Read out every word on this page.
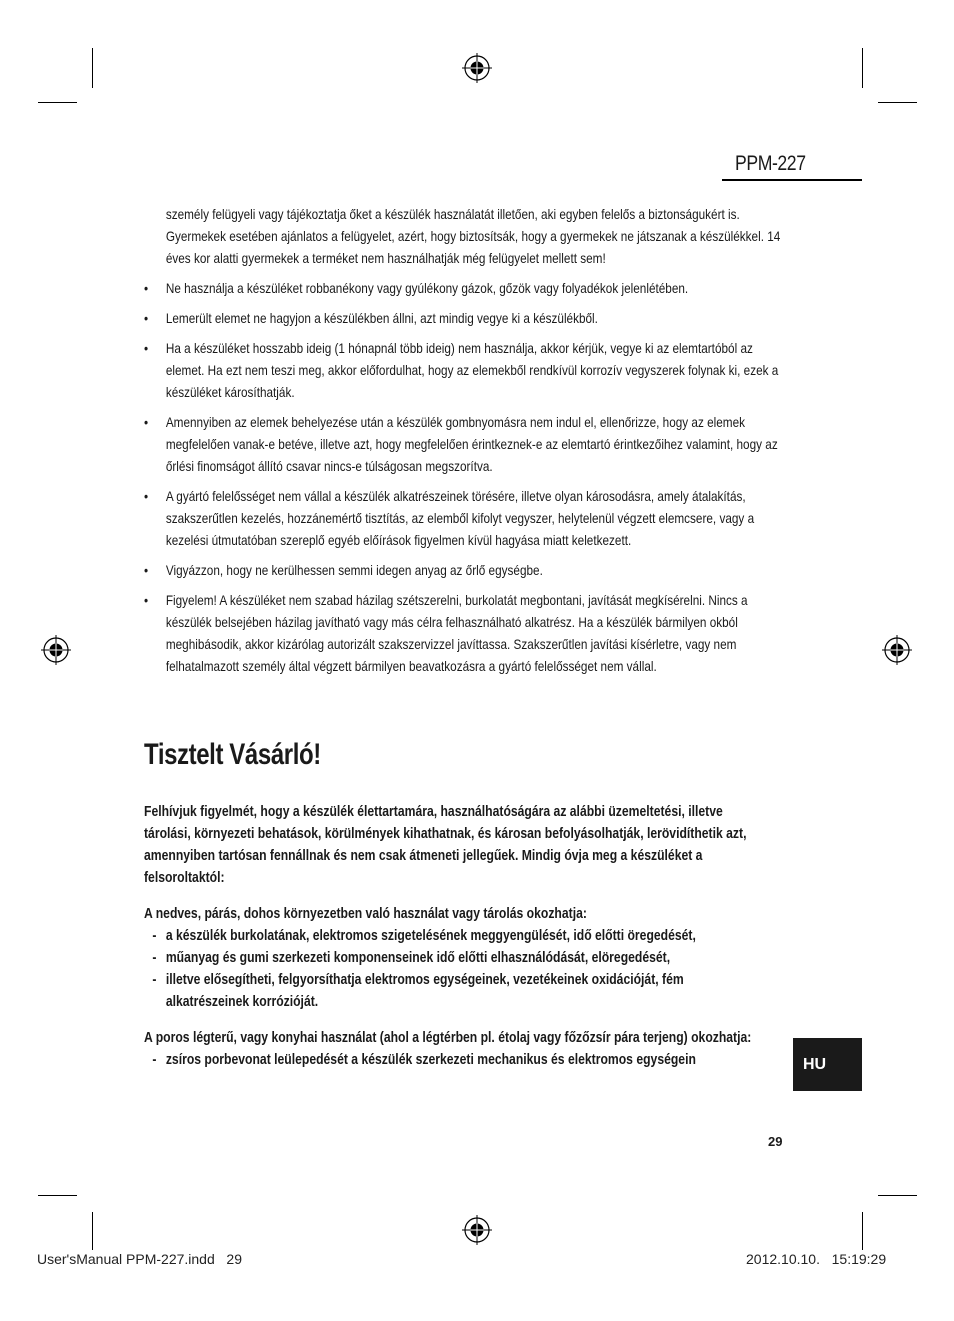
PPM-227
személy felügyeli vagy tájékoztatja őket a készülék használatát illetően, aki egyben felelős a biztonságukért is. Gyermekek esetében ajánlatos a felügyelet, azért, hogy biztosítsák, hogy a gyermekek ne játszanak a készülékkel. 14 éves kor alatti gyermekek a terméket nem használhatják még felügyelet mellett sem!
•	Ne használja a készüléket robbanékony vagy gyúlékony gázok, gőzök vagy folyadékok jelenlétében.
•	Lemerült elemet ne hagyjon a készülékben állni, azt mindig vegye ki a készülékből.
•	Ha a készüléket hosszabb ideig (1 hónapnál több ideig) nem használja, akkor kérjük, vegye ki az elemtartóból az elemet. Ha ezt nem teszi meg, akkor előfordulhat, hogy az elemekből rendkívül korrozív vegyszerek folynak ki, ezek a készüléket károsíthatják.
•	Amennyiben az elemek behelyezése után a készülék gombnyomásra nem indul el, ellenőrizze, hogy az elemek megfelelően vanak-e betéve, illetve azt, hogy megfelelően érintkeznek-e az elemtartó érintkezőihez valamint, hogy az őrlési finomságot állító csavar nincs-e túlságosan megszorítva.
•	A gyártó felelősséget nem vállal a készülék alkatrészeinek törésére, illetve olyan károsodásra, amely átalakítás, szakszerűtlen kezelés, hozzánemértő tisztítás, az elemből kifolyt vegyszer, helytelenül végzett elemcsere, vagy a kezelési útmutatóban szereplő egyéb előírások figyelmen kívül hagyása miatt keletkezett.
•	Vigyázzon, hogy ne kerülhessen semmi idegen anyag az őrlő egységbe.
•	Figyelem! A készüléket nem szabad házilag szétszerelni, burkolatát megbontani, javítását megkísérelni. Nincs a készülék belsejében házilag javítható vagy más célra felhasználható alkatrész. Ha a készülék bármilyen okból meghibásodik, akkor kizárólag autorizált szakszervizzel javíttassa. Szakszerűtlen javítási kísérletre, vagy nem felhatalmazott személy által végzett bármilyen beavatkozásra a gyártó felelősséget nem vállal.
Tisztelt Vásárló!

Felhívjuk figyelmét, hogy a készülék élettartamára, használhatóságára az alábbi üzemeltetési, illetve tárolási, környezeti behatások, körülmények kihathatnak, és károsan befolyásolhatják, lerövidíthetik azt, amennyiben tartósan fennállnak és nem csak átmeneti jellegűek. Mindig óvja meg a készüléket a felsoroltaktól:

A nedves, párás, dohos környezetben való használat vagy tárolás okozhatja:
- a készülék burkolatának, elektromos szigetelésének meggyengülését, idő előtti öregedését,
- műanyag és gumi szerkezeti komponenseinek idő előtti elhasználódását, elöregedését,
- illetve elősegítheti, felgyorsíthatja elektromos egységeinek, vezetékeinek oxidációját, fém alkatrészeinek korrózióját.
A poros légterű, vagy konyhai használat (ahol a légtérben pl. étolaj vagy főzőzsír pára terjeng) okozhatja:
- zsíros porbevonat leülepedését a készülék szerkezeti mechanikus és elektromos egységein	HU
29
User'sManual PPM-227.indd   29	2012.10.10.   15:19:29
